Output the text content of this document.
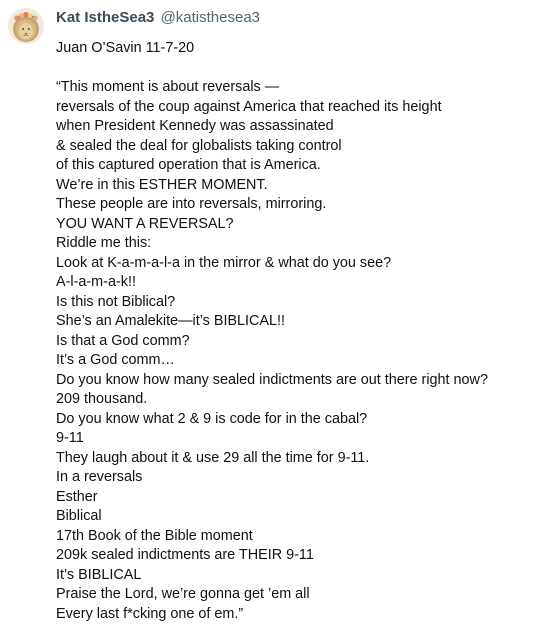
Kat IstheSea3 @katisthesea3
Juan O’Savin 11-7-20
“This moment is about reversals —
reversals of the coup against America that reached its height
when President Kennedy was assassinated
& sealed the deal for globalists taking control
of this captured operation that is America.
We’re in this ESTHER MOMENT.
These people are into reversals, mirroring.
YOU WANT A REVERSAL?
Riddle me this:
Look at K-a-m-a-l-a in the mirror & what do you see?
A-l-a-m-a-k!!
Is this not Biblical?
She’s an Amalekite—it’s BIBLICAL!!
Is that a God comm?
It’s a God comm…
Do you know how many sealed indictments are out there right now?
209 thousand.
Do you know what 2 & 9 is code for in the cabal?
9-11
They laugh about it & use 29 all the time for 9-11.
In a reversals
Esther
Biblical
17th Book of the Bible moment
209k sealed indictments are THEIR 9-11
It’s BIBLICAL
Praise the Lord, we’re gonna get ’em all
Every last f*cking one of em.”
